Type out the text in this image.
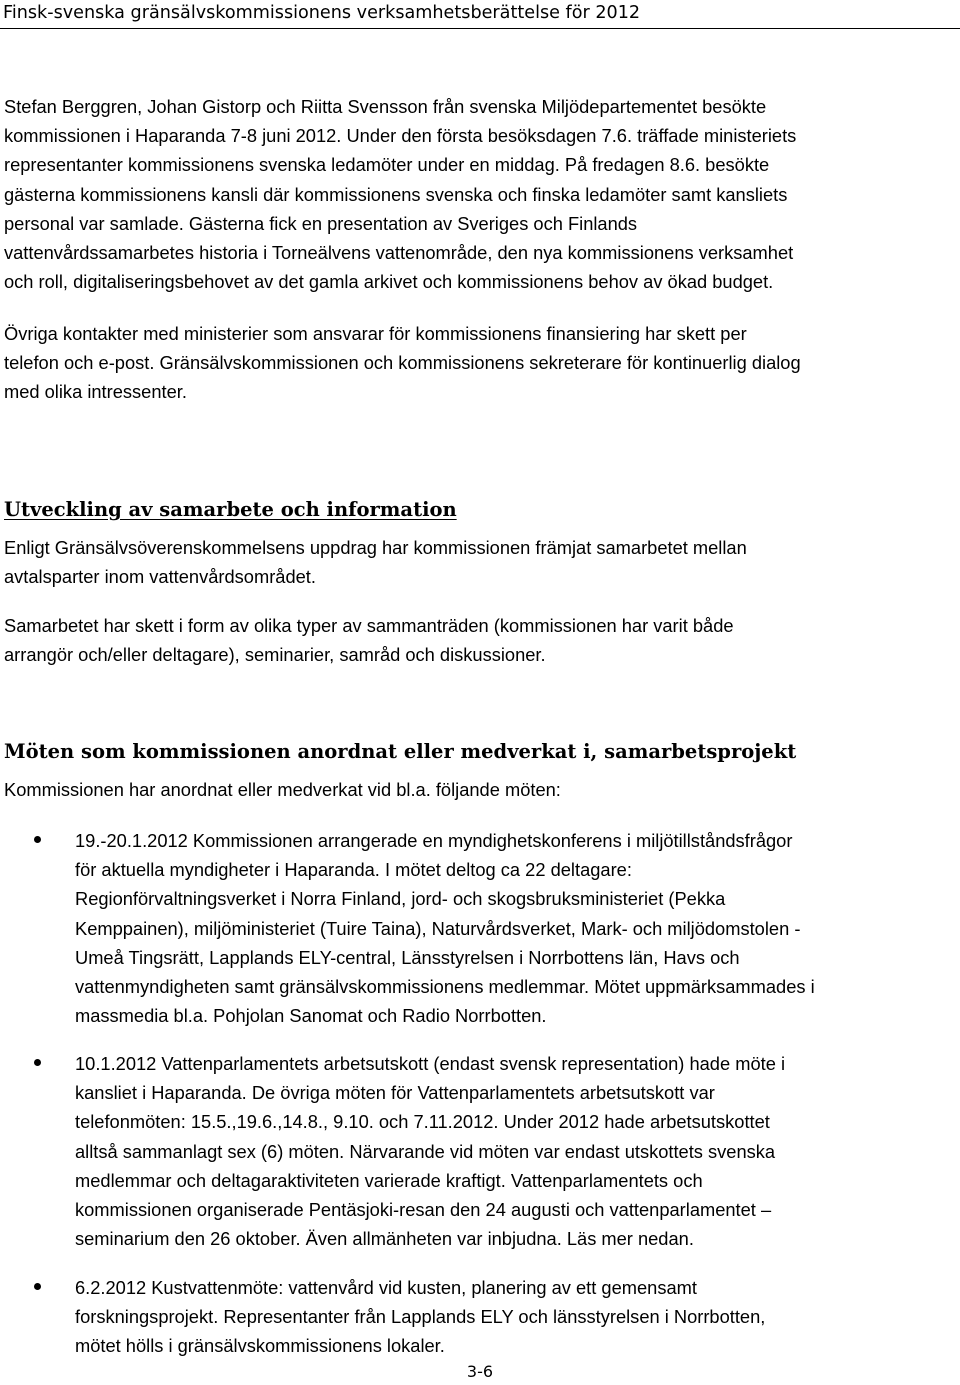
Finsk-svenska gränsälvskommissionens verksamhetsberättelse för 2012

Stefan Berggren, Johan Gistorp och Riitta Svensson från svenska Miljödepartementet besökte

kommissionen i Haparanda 7-8 juni 2012. Under den första besöksdagen 7.6. träffade ministeriets

representanter kommissionens svenska ledamöter under en middag. På fredagen 8.6. besökte

gästerna kommissionens kansli där kommissionens svenska och finska ledamöter samt kansliets

personal var samlade. Gästerna fick en presentation av Sveriges och Finlands

vattenvårdssamarbetes historia i Torneälvens vattenområde, den nya kommissionens verksamhet

och roll, digitaliseringsbehovet av det gamla arkivet och kommissionens behov av ökad budget.

Övriga kontakter med ministerier som ansvarar för kommissionens finansiering har skett per

telefon och e-post. Gränsälvskommissionen och kommissionens sekreterare för kontinuerlig dialog

med olika intressenter.

Utveckling av samarbete och information

Enligt Gränsälvsöverenskommelsens uppdrag har kommissionen främjat samarbetet mellan

avtalsparter inom vattenvårdsområdet.

Samarbetet har skett i form av olika typer av sammanträden (kommissionen har varit både

arrangör och/eller deltagare), seminarier, samråd och diskussioner.

Möten som kommissionen anordnat eller medverkat i, samarbetsprojekt

Kommissionen har anordnat eller medverkat vid bl.a. följande möten:

19.-20.1.2012 Kommissionen arrangerade en myndighetskonferens i miljötillståndsfrågor
för aktuella myndigheter i Haparanda. I mötet deltog ca 22 deltagare:
Regionförvaltningsverket i Norra Finland, jord- och skogsbruksministeriet (Pekka
Kemppainen), miljöministeriet (Tuire Taina), Naturvårdsverket, Mark- och miljödomstolen -
Umeå Tingsrätt, Lapplands ELY-central, Länsstyrelsen i Norrbottens län, Havs och
vattenmyndigheten samt gränsälvskommissionens medlemmar. Mötet uppmärksammades i
massmedia bl.a. Pohjolan Sanomat och Radio Norrbotten.
10.1.2012 Vattenparlamentets arbetsutskott (endast svensk representation) hade möte i
kansliet i Haparanda. De övriga möten för Vattenparlamentets arbetsutskott var
telefonmöten: 15.5.,19.6.,14.8., 9.10. och 7.11.2012. Under 2012 hade arbetsutskottet
alltså sammanlagt sex (6) möten. Närvarande vid möten var endast utskottets svenska
medlemmar och deltagaraktiviteten varierade kraftigt. Vattenparlamentets och
kommissionen organiserade Pentäsjoki-resan den 24 augusti och vattenparlamentet –
seminarium den 26 oktober. Även allmänheten var inbjudna. Läs mer nedan.
6.2.2012 Kustvattenmöte: vattenvård vid kusten, planering av ett gemensamt
forskningsprojekt. Representanter från Lapplands ELY och länsstyrelsen i Norrbotten,
mötet hölls i gränsälvskommissionens lokaler.
3-6
